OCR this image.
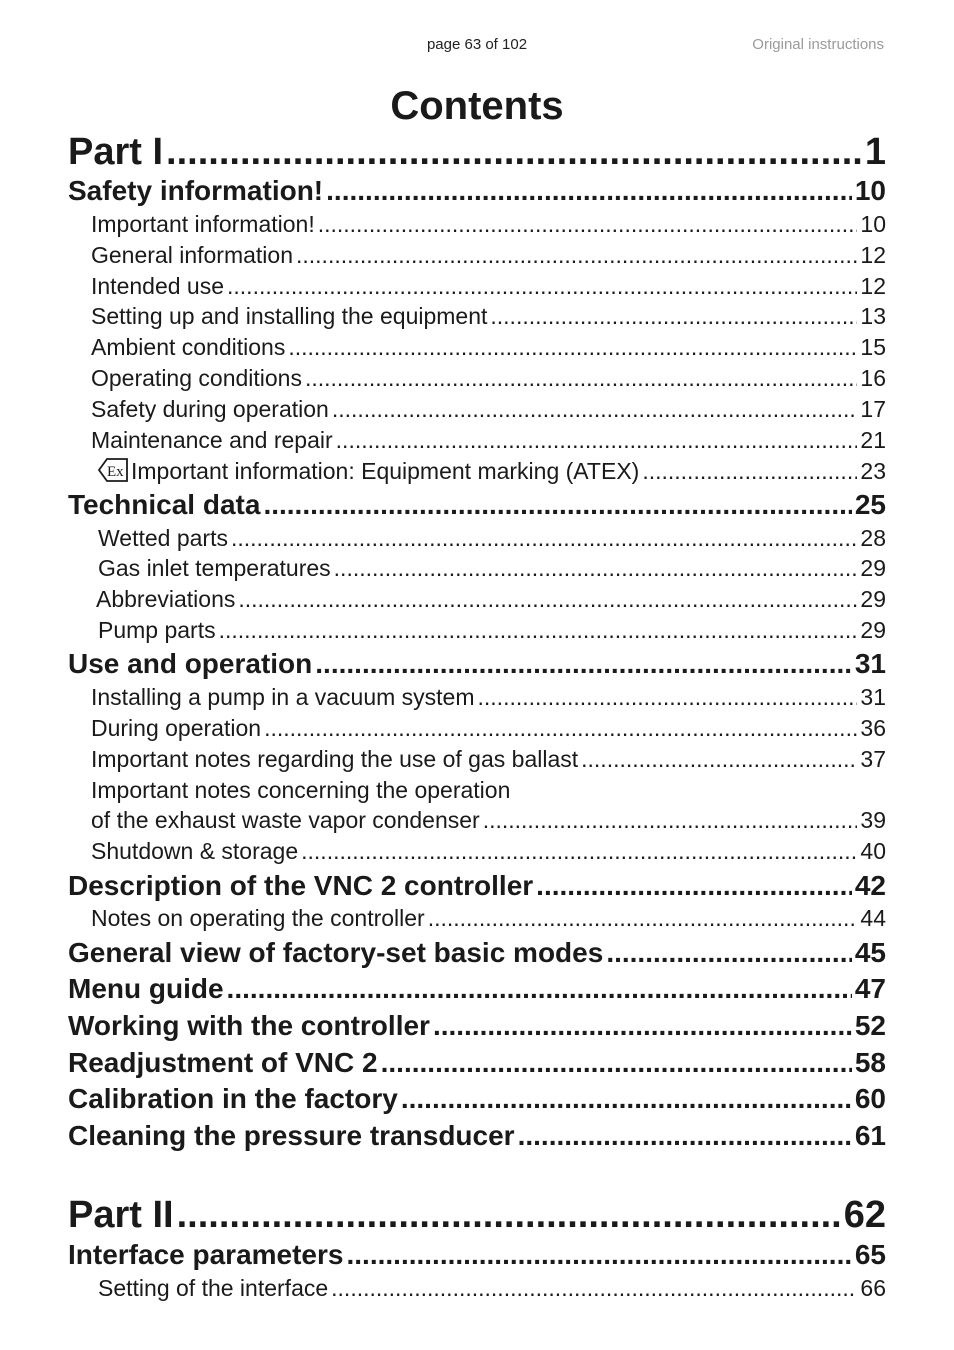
page 63 of 102	Original instructions
Contents
Part I .....	1
Safety information! .....	10
Important information! .....	10
General information .....	12
Intended use .....	12
Setting up and installing the equipment .....	13
Ambient conditions .....	15
Operating conditions .....	16
Safety during operation .....	17
Maintenance and repair .....	21
Ex Important information: Equipment marking (ATEX) .....	23
Technical data .....	25
Wetted parts .....	28
Gas inlet temperatures .....	29
Abbreviations .....	29
Pump parts .....	29
Use and operation .....	31
Installing a pump in a vacuum system .....	31
During operation .....	36
Important notes regarding the use of gas ballast .....	37
Important notes concerning the operation
of the exhaust waste vapor condenser .....	39
Shutdown & storage .....	40
Description of the VNC 2 controller .....	42
Notes on operating the controller .....	44
General view of factory-set basic modes .....	45
Menu guide .....	47
Working with the controller .....	52
Readjustment of VNC 2 .....	58
Calibration in the factory .....	60
Cleaning the pressure transducer .....	61
Part II .....	62
Interface parameters .....	65
Setting of the interface .....	66
